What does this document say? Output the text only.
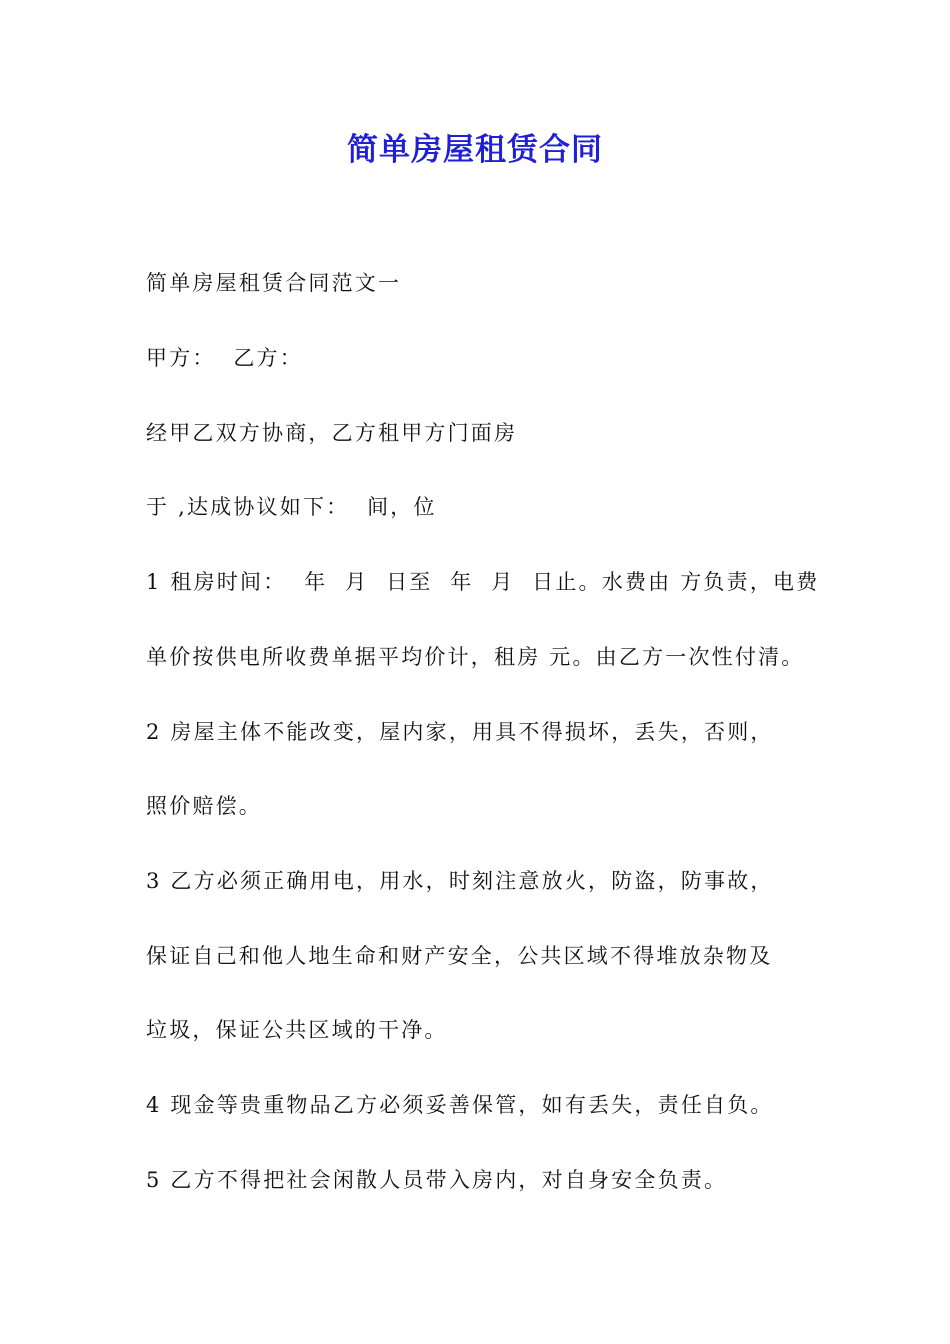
简单房屋租赁合同
简单房屋租赁合同范文一
甲方：  乙方：
经甲乙双方协商，乙方租甲方门面房
于 ,达成协议如下：  间，位
1 租房时间：  年  月  日至  年  月  日止。水费由 方负责，电费
单价按供电所收费单据平均价计，租房 元。由乙方一次性付清。
2 房屋主体不能改变，屋内家，用具不得损坏，丢失，否则，
照价赔偿。
3 乙方必须正确用电，用水，时刻注意放火，防盗，防事故，
保证自己和他人地生命和财产安全，公共区域不得堆放杂物及
垃圾，保证公共区域的干净。
4 现金等贵重物品乙方必须妥善保管，如有丢失，责任自负。
5 乙方不得把社会闲散人员带入房内，对自身安全负责。
